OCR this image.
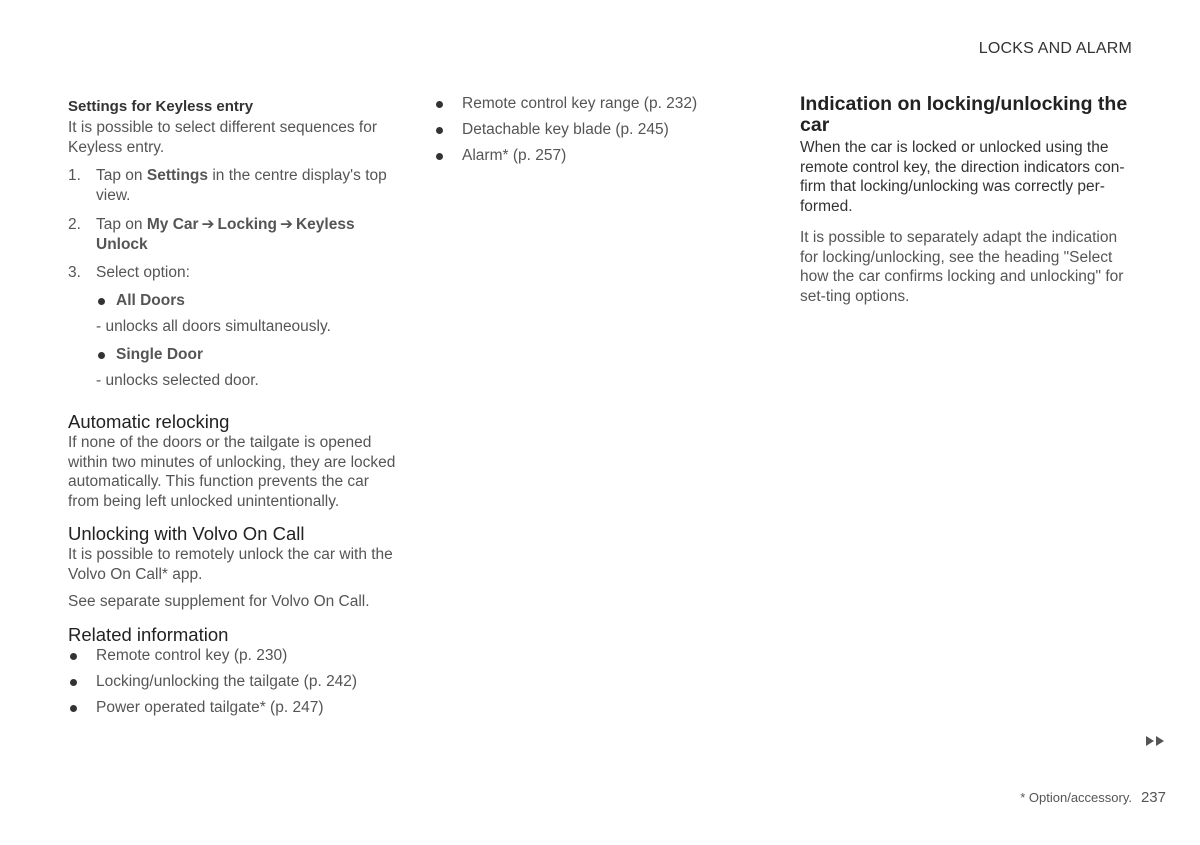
LOCKS AND ALARM
Settings for Keyless entry

It is possible to select different sequences for Keyless entry.

1. Tap on Settings in the centre display's top view.
2. Tap on My Car ➔ Locking ➔ Keyless Unlock
3. Select option:
All Doors
- unlocks all doors simultaneously.
Single Door
- unlocks selected door.
Automatic relocking

If none of the doors or the tailgate is opened within two minutes of unlocking, they are locked automatically. This function prevents the car from being left unlocked unintentionally.

Unlocking with Volvo On Call

It is possible to remotely unlock the car with the Volvo On Call* app.

See separate supplement for Volvo On Call.

Related information
Remote control key (p. 230)
Locking/unlocking the tailgate (p. 242)
Power operated tailgate* (p. 247)
Remote control key range (p. 232)
Detachable key blade (p. 245)
Alarm* (p. 257)
Indication on locking/unlocking the car

When the car is locked or unlocked using the remote control key, the direction indicators con-firm that locking/unlocking was correctly per-formed.

It is possible to separately adapt the indication for locking/unlocking, see the heading "Select how the car confirms locking and unlocking" for set-ting options.

* Option/accessory. 237
